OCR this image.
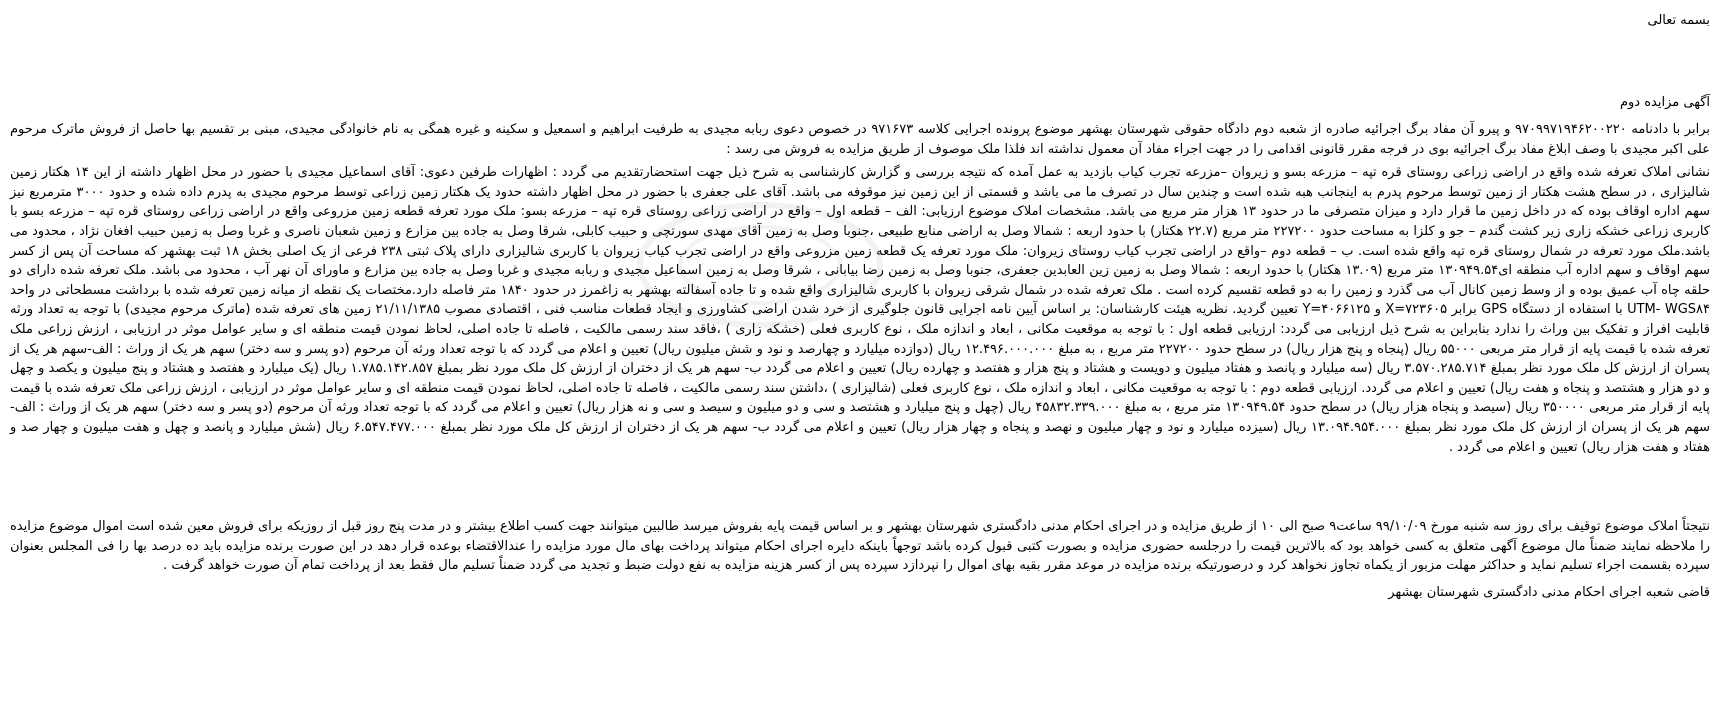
بسمه تعالی
آگهی مزایده دوم

برابر با دادنامه ۹۷۰۹۹۷۱۹۴۶۲۰۰۲۲۰ و پیرو آن مفاد برگ اجرائیه صادره از شعبه دوم دادگاه حقوقی شهرستان بهشهر موضوع پرونده اجرایی کلاسه ۹۷۱۶۷۳ در خصوص دعوی ربابه مجیدی به طرفیت ابراهیم و اسمعیل و سکینه و غیره همگی به نام خانوادگی مجیدی، مبنی بر تقسیم بها حاصل از فروش ماترک مرحوم علی اکبر مجیدی با وصف ابلاغ مفاد برگ اجرائیه بوی در فرجه مقرر قانونی اقدامی را در جهت اجراء مفاد آن معمول نداشته اند فلذا ملک موصوف از طریق مزایده به فروش می رسد :

نشانی املاک تعرفه شده واقع در اراضی زراعی روستای قره تپه – مزرعه بسو و زیروان –مزرعه تجرب کیاب بازدید به عمل آمده که نتیجه بررسی و گزارش کارشناسی به شرح ذیل جهت استحضارتقدیم می گردد : اظهارات طرفین دعوی: آقای اسماعیل مجیدی با حضور در محل اظهار داشته از این ۱۴ هکتار زمین شالیزاری ، در سطح هشت هکتار از زمین توسط مرحوم پدرم به اینجانب هبه شده است و چندین سال در تصرف ما می باشد و قسمتی از این زمین نیز موقوفه می باشد. آقای علی جعفری با حضور در محل اظهار داشته حدود یک هکتار زمین زراعی توسط مرحوم مجیدی به پدرم داده شده و حدود ۳۰۰۰ مترمربع نیز سهم اداره اوقاف بوده که در داخل زمین ما قرار دارد و میزان متصرفی ما در حدود ۱۳ هزار متر مربع می باشد. مشخصات املاک موضوع ارزیابی: الف – قطعه اول – واقع در اراضی زراعی روستای قره تپه – مزرعه بسو: ملک مورد تعرفه قطعه زمین مزروعی واقع در اراضی زراعی روستای قره تپه – مزرعه بسو با کاربری زراعی خشکه زاری زیر کشت گندم – جو و کلزا به مساحت حدود ۲۲۷۲۰۰ متر مربع (۲۲.۷ هکتار) با حدود اربعه : شمالا وصل به اراضی منابع طبیعی ،جنوبا وصل به زمین آقای مهدی سورتچی و حبیب کابلی، شرقا وصل به جاده بین مزارع و زمین شعبان ناصری و غربا وصل به زمین حبیب افغان نژاد ، محدود می باشد.ملک مورد تعرفه در شمال روستای قره تپه واقع شده است. ب – قطعه دوم –واقع در اراضی تجرب کیاب روستای زیروان: ملک مورد تعرفه یک قطعه زمین مزروعی واقع در اراضی تجرب کیاب زیروان با کاربری شالیزاری دارای پلاک ثبتی ۲۳۸ فرعی از یک اصلی بخش ۱۸ ثبت بهشهر که مساحت آن پس از کسر سهم اوقاف و سهم اداره آب منطقه ای۱۳۰۹۴۹.۵۴ متر مربع (۱۳.۰۹ هکتار) با حدود اربعه : شمالا وصل به زمین زین العابدین جعفری، جنوبا وصل به زمین رضا بیابانی ، شرقا وصل به زمین اسماعیل مجیدی و ربابه مجیدی و غربا وصل به جاده بین مزارع و ماورای آن نهر آب ، محدود می باشد. ملک تعرفه شده دارای دو حلقه چاه آب عمیق بوده و از وسط زمین کانال آب می گذرد و زمین را به دو قطعه تقسیم کرده است . ملک تعرفه شده در شمال شرقی زیروان با کاربری شالیزاری واقع شده و تا جاده آسفالته بهشهر به زاغمرز در حدود ۱۸۴۰ متر فاصله دارد.مختصات یک نقطه از میانه زمین تعرفه شده با برداشت مسطحاتی در واحد UTM- WGS۸۴ با استفاده از دستگاه GPS برابر X=۷۲۳۶۰۵ و Y=۴۰۶۶۱۲۵ تعیین گردید. نظریه هیئت کارشناسان: بر اساس آیین نامه اجرایی قانون جلوگیری از خرد شدن اراضی کشاورزی و ایجاد قطعات مناسب فنی ، اقتصادی مصوب ۲۱/۱۱/۱۳۸۵ زمین های تعرفه شده (ماترک مرحوم مجیدی) با توجه به تعداد ورثه قابلیت افراز و تفکیک بین وراث را ندارد بنابراین به شرح ذیل ارزیابی می گردد: ارزیابی قطعه اول : با توجه به موقعیت مکانی ، ابعاد و اندازه ملک ، نوع کاربری فعلی (خشکه زاری ) ،فاقد سند رسمی مالکیت ، فاصله تا جاده اصلی، لحاظ نمودن قیمت منطقه ای و سایر عوامل موثر در ارزیابی ، ارزش زراعی ملک تعرفه شده با قیمت پایه از قرار متر مربعی ۵۵۰۰۰ ریال (پنجاه و پنج هزار ریال) در سطح حدود ۲۲۷۲۰۰ متر مربع ، به مبلغ ۱۲.۴۹۶.۰۰۰.۰۰۰ ریال (دوازده میلیارد و چهارصد و نود و شش میلیون ریال) تعیین و اعلام می گردد که با توجه تعداد ورثه آن مرحوم (دو پسر و سه دختر) سهم هر یک از وراث : الف-سهم هر یک از پسران از ارزش کل ملک مورد نظر بمبلغ ۳.۵۷۰.۲۸۵.۷۱۴ ریال (سه میلیارد و پانصد و هفتاد میلیون و دویست و هشتاد و پنج هزار و هفتصد و چهارده ریال) تعیین و اعلام می گردد ب- سهم هر یک از دختران از ارزش کل ملک مورد نظر بمبلغ ۱.۷۸۵.۱۴۲.۸۵۷ ریال (یک میلیارد و هفتصد و هشتاد و پنج میلیون و یکصد و چهل و دو هزار و هشتصد و پنجاه و هفت ریال) تعیین و اعلام می گردد. ارزیابی قطعه دوم : با توجه به موقعیت مکانی ، ابعاد و اندازه ملک ، نوع کاربری فعلی (شالیزاری ) ،داشتن سند رسمی مالکیت ، فاصله تا جاده اصلی، لحاظ نمودن قیمت منطقه ای و سایر عوامل موثر در ارزیابی ، ارزش زراعی ملک تعرفه شده با قیمت پایه از قرار متر مربعی ۳۵۰۰۰۰ ریال (سیصد و پنجاه هزار ریال) در سطح حدود ۱۳۰۹۴۹.۵۴ متر مربع ، به مبلغ ۴۵۸۳۲.۳۳۹.۰۰۰ ریال (چهل و پنج میلیارد و هشتصد و سی و دو میلیون و سیصد و سی و نه هزار ریال) تعیین و اعلام می گردد که با توجه تعداد ورثه آن مرحوم (دو پسر و سه دختر) سهم هر یک از وراث : الف-سهم هر یک از پسران از ارزش کل ملک مورد نظر بمبلغ ۱۳.۰۹۴.۹۵۴.۰۰۰ ریال (سیزده میلیارد و نود و چهار میلیون و نهصد و پنجاه و چهار هزار ریال) تعیین و اعلام می گردد ب- سهم هر یک از دختران از ارزش کل ملک مورد نظر بمبلغ ۶.۵۴۷.۴۷۷.۰۰۰ ریال (شش میلیارد و پانصد و چهل و هفت میلیون و چهار صد و هفتاد و هفت هزار ریال) تعیین و اعلام می گردد .

نتیجتاً املاک موضوع توقیف برای روز سه شنبه مورخ ۹۹/۱۰/۰۹ ساعت۹ صبح الی ۱۰ از طریق مزایده و در اجرای احکام مدنی دادگستری شهرستان بهشهر و بر اساس قیمت پایه بفروش میرسد طالبین میتوانند جهت کسب اطلاع بیشتر و در مدت پنج روز قبل از روزیکه برای فروش معین شده است اموال موضوع مزایده را ملاحظه نمایند ضمناً مال موضوع آگهی متعلق به کسی خواهد بود که بالاترین قیمت را درجلسه حضوری مزایده و بصورت کتبی قبول کرده باشد توجهاً باینکه دایره اجرای احکام میتواند پرداخت بهای مال مورد مزایده را عندالاقتضاء بوعده قرار دهد در این صورت برنده مزایده باید ده درصد بها را فی المجلس بعنوان سپرده بقسمت اجراء تسلیم نماید و حداکثر مهلت مزبور از یکماه تجاوز نخواهد کرد و درصورتیکه برنده مزایده در موعد مقرر بقیه بهای اموال را نپردازد سپرده پس از کسر هزینه مزایده به نفع دولت ضبط و تجدید می گردد ضمناً تسلیم مال فقط بعد از پرداخت تمام آن صورت خواهد گرفت .

قاضی شعبه اجرای احکام مدنی دادگستری شهرستان بهشهر
